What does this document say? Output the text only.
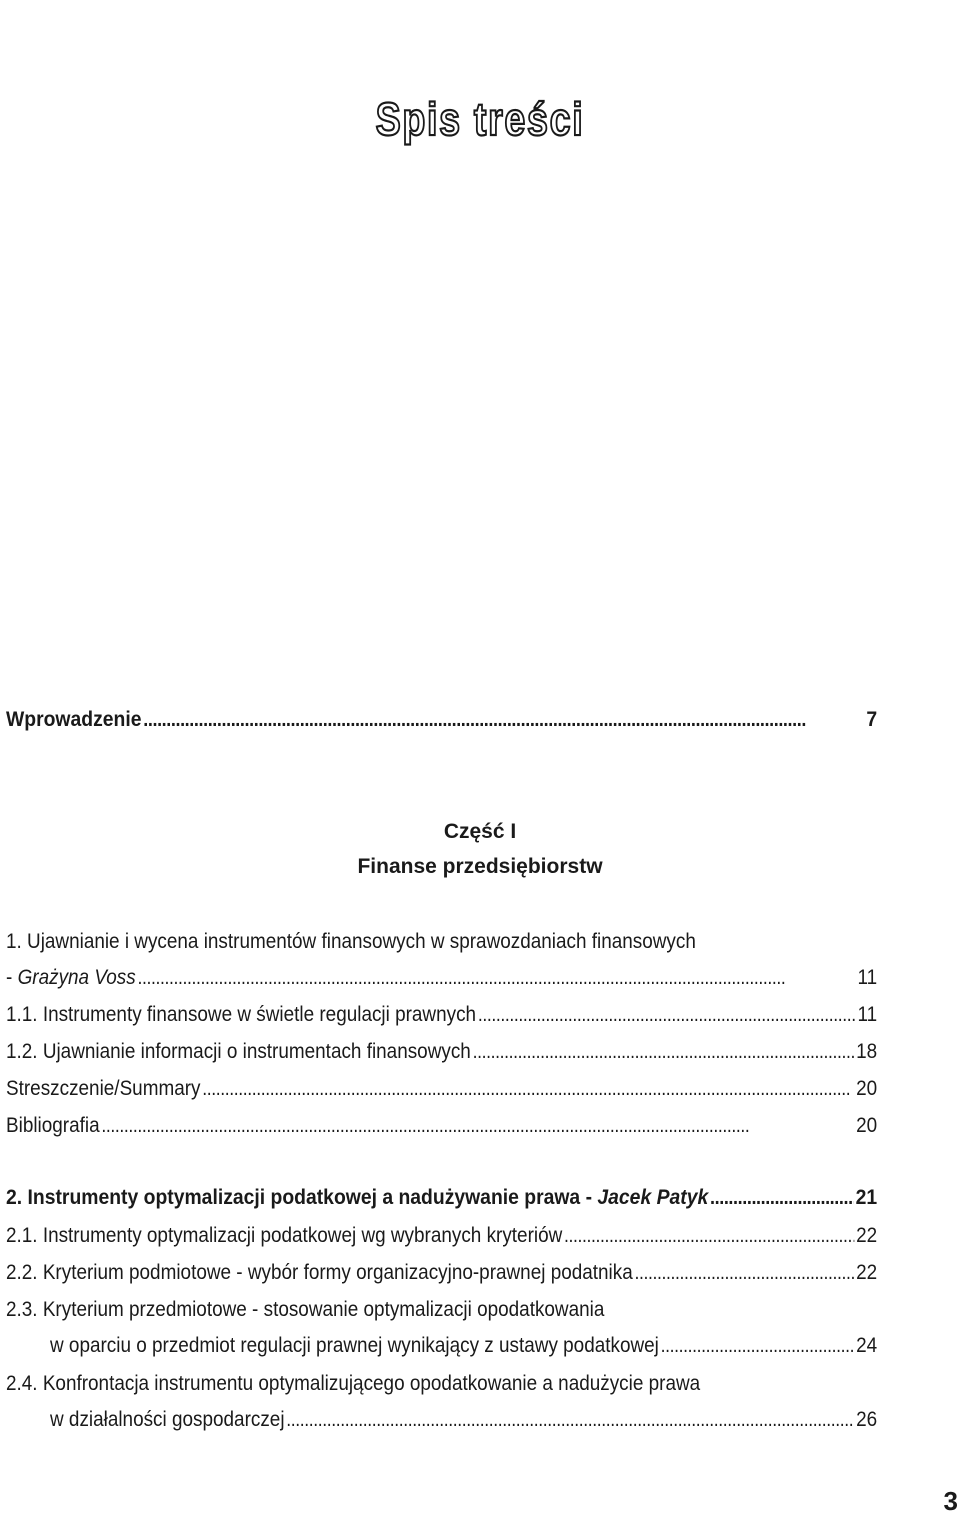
Spis treści
Wprowadzenie . . .	7
Część I
Finanse przedsiębiorstw
1. Ujawnianie i wycena instrumentów finansowych w sprawozdaniach finansowych
- Grażyna Voss . . .	11
1.1. Instrumenty finansowe w świetle regulacji prawnych . . .	11
1.2. Ujawnianie informacji o instrumentach finansowych . . .	18
Streszczenie/Summary . . .	20
Bibliografia . . .	20
2. Instrumenty optymalizacji podatkowej a nadużywanie prawa - Jacek Patyk . . .	21
2.1. Instrumenty optymalizacji podatkowej wg wybranych kryteriów . . .	22
2.2. Kryterium podmiotowe - wybór formy organizacyjno-prawnej podatnika . . .	22
2.3. Kryterium przedmiotowe - stosowanie optymalizacji opodatkowania
w oparciu o przedmiot regulacji prawnej wynikający z ustawy podatkowej . . .	24
2.4. Konfrontacja instrumentu optymalizującego opodatkowanie a nadużycie prawa
w działalności gospodarczej . . .	26
3
